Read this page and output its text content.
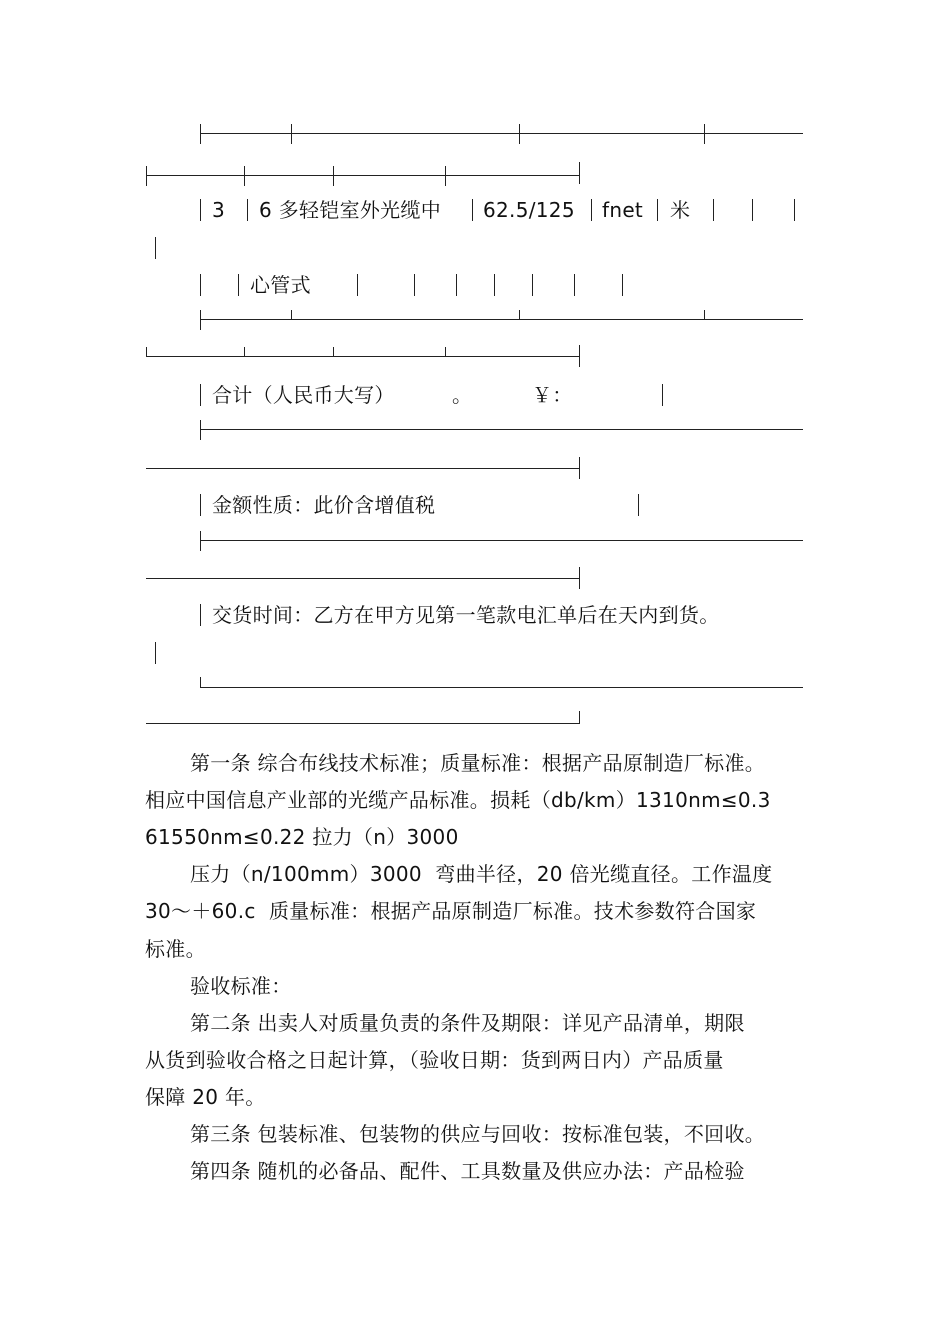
3 6 多轻铠室外光缆中 62.5/125 fnet 米
心管式
合计（人民币大写）	。	￥：
金额性质：此价含增值税
交货时间：乙方在甲方见第一笔款电汇单后在天内到货。
第一条 综合布线技术标准；质量标准：根据产品原制造厂标准。
相应中国信息产业部的光缆产品标准。损耗（db/km）1310nm≤0.3
61550nm≤0.22 拉力（n）3000
压力（n/100mm）3000  弯曲半径，20 倍光缆直径。工作温度
30～＋60.c  质量标准：根据产品原制造厂标准。技术参数符合国家
标准。
验收标准：
第二条 出卖人对质量负责的条件及期限：详见产品清单，期限
从货到验收合格之日起计算，（验收日期：货到两日内）产品质量
保障 20 年。
第三条 包装标准、包装物的供应与回收：按标准包装，不回收。
第四条 随机的必备品、配件、工具数量及供应办法：产品检验
